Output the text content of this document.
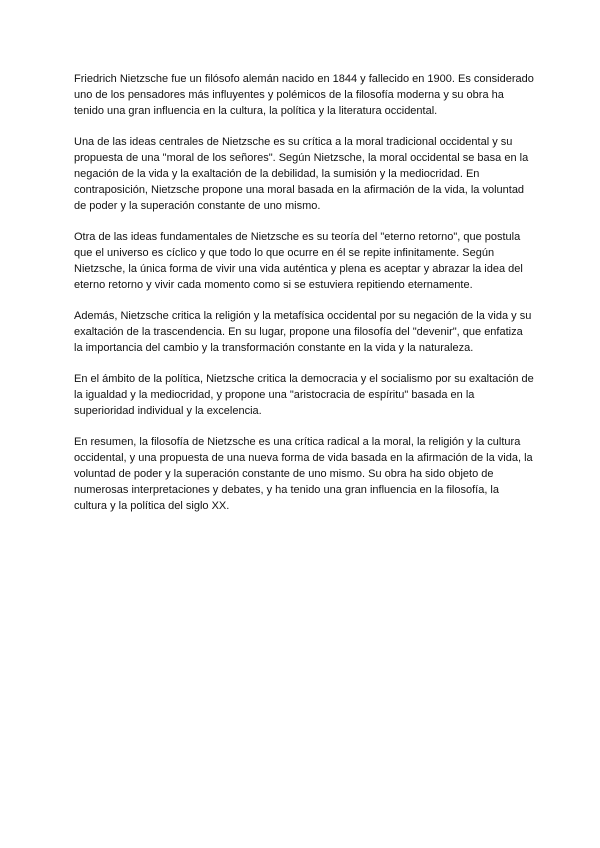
Friedrich Nietzsche fue un filósofo alemán nacido en 1844 y fallecido en 1900. Es considerado uno de los pensadores más influyentes y polémicos de la filosofía moderna y su obra ha tenido una gran influencia en la cultura, la política y la literatura occidental.

Una de las ideas centrales de Nietzsche es su crítica a la moral tradicional occidental y su propuesta de una "moral de los señores". Según Nietzsche, la moral occidental se basa en la negación de la vida y la exaltación de la debilidad, la sumisión y la mediocridad. En contraposición, Nietzsche propone una moral basada en la afirmación de la vida, la voluntad de poder y la superación constante de uno mismo.

Otra de las ideas fundamentales de Nietzsche es su teoría del "eterno retorno", que postula que el universo es cíclico y que todo lo que ocurre en él se repite infinitamente. Según Nietzsche, la única forma de vivir una vida auténtica y plena es aceptar y abrazar la idea del eterno retorno y vivir cada momento como si se estuviera repitiendo eternamente.

Además, Nietzsche critica la religión y la metafísica occidental por su negación de la vida y su exaltación de la trascendencia. En su lugar, propone una filosofía del "devenir", que enfatiza la importancia del cambio y la transformación constante en la vida y la naturaleza.

En el ámbito de la política, Nietzsche critica la democracia y el socialismo por su exaltación de la igualdad y la mediocridad, y propone una "aristocracia de espíritu" basada en la superioridad individual y la excelencia.

En resumen, la filosofía de Nietzsche es una crítica radical a la moral, la religión y la cultura occidental, y una propuesta de una nueva forma de vida basada en la afirmación de la vida, la voluntad de poder y la superación constante de uno mismo. Su obra ha sido objeto de numerosas interpretaciones y debates, y ha tenido una gran influencia en la filosofía, la cultura y la política del siglo XX.
